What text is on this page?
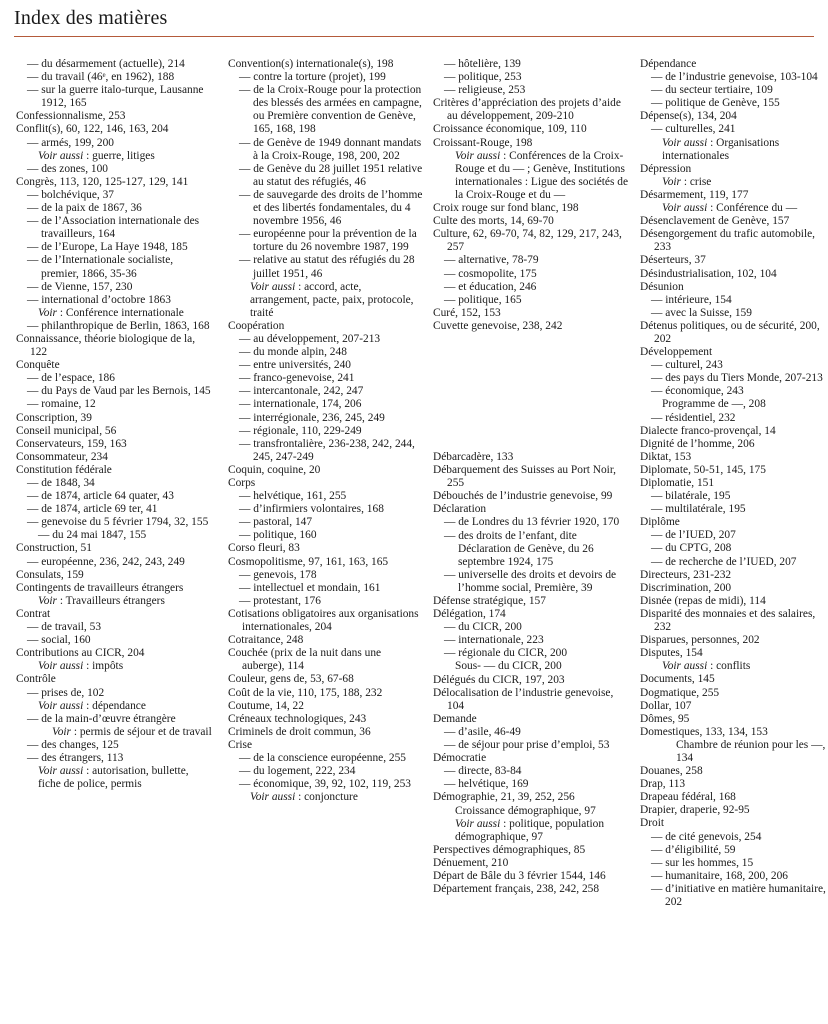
Index des matières
— du désarmement (actuelle), 214
— du travail (46ᵉ, en 1962), 188
— sur la guerre italo-turque, Lausanne 1912, 165
Confessionnalisme, 253
Conflit(s), 60, 122, 146, 163, 204
— armés, 199, 200
Voir aussi : guerre, litiges
— des zones, 100
Congrès, 113, 120, 125-127, 129, 141
— bolchévique, 37
— de la paix de 1867, 36
— de l’Association internationale des travailleurs, 164
— de l’Europe, La Haye 1948, 185
— de l’Internationale socialiste, premier, 1866, 35-36
— de Vienne, 157, 230
— international d’octobre 1863
Voir : Conférence internationale
— philanthropique de Berlin, 1863, 168
Connaissance, théorie biologique de la, 122
Conquête
— de l’espace, 186
— du Pays de Vaud par les Bernois, 145
— romaine, 12
Conscription, 39
Conseil municipal, 56
Conservateurs, 159, 163
Consommateur, 234
Constitution fédérale
— de 1848, 34
— de 1874, article 64 quater, 43
— de 1874, article 69 ter, 41
— genevoise du 5 février 1794, 32, 155
— du 24 mai 1847, 155
Construction, 51
— européenne, 236, 242, 243, 249
Consulats, 159
Contingents de travailleurs étrangers
Voir : Travailleurs étrangers
Contrat
— de travail, 53
— social, 160
Contributions au CICR, 204
Voir aussi : impôts
Contrôle
— prises de, 102
Voir aussi : dépendance
— de la main-d’œuvre étrangère
Voir : permis de séjour et de travail
— des changes, 125
— des étrangers, 113
Voir aussi : autorisation, bullette, fiche de police, permis
Convention(s) internationale(s), 198
— contre la torture (projet), 199
— de la Croix-Rouge pour la protection des blessés des armées en campagne, ou Première convention de Genève, 165, 168, 198
— de Genève de 1949 donnant mandats à la Croix-Rouge, 198, 200, 202
— de Genève du 28 juillet 1951 relative au statut des réfugiés, 46
— de sauvegarde des droits de l’homme et des libertés fondamentales, du 4 novembre 1956, 46
— européenne pour la prévention de la torture du 26 novembre 1987, 199
— relative au statut des réfugiés du 28 juillet 1951, 46
Voir aussi : accord, acte, arrangement, pacte, paix, protocole, traité
Coopération
— au développement, 207-213
— du monde alpin, 248
— entre universités, 240
— franco-genevoise, 241
— intercantonale, 242, 247
— internationale, 174, 206
— interrégionale, 236, 245, 249
— régionale, 110, 229-249
— transfrontalière, 236-238, 242, 244, 245, 247-249
Coquin, coquine, 20
Corps
— helvétique, 161, 255
— d’infirmiers volontaires, 168
— pastoral, 147
— politique, 160
Corso fleuri, 83
Cosmopolitisme, 97, 161, 163, 165
— genevois, 178
— intellectuel et mondain, 161
— protestant, 176
Cotisations obligatoires aux organisations internationales, 204
Cotraitance, 248
Couchée (prix de la nuit dans une auberge), 114
Couleur, gens de, 53, 67-68
Coût de la vie, 110, 175, 188, 232
Coutume, 14, 22
Créneaux technologiques, 243
Criminels de droit commun, 36
Crise
— de la conscience européenne, 255
— du logement, 222, 234
— économique, 39, 92, 102, 119, 253
Voir aussi : conjoncture
— hôtelière, 139
— politique, 253
— religieuse, 253
Critères d’appréciation des projets d’aide au développement, 209-210
Croissance économique, 109, 110
Croissant-Rouge, 198
Voir aussi : Conférences de la Croix-Rouge et du — ; Genève, Institutions internationales : Ligue des sociétés de la Croix-Rouge et du —
Croix rouge sur fond blanc, 198
Culte des morts, 14, 69-70
Culture, 62, 69-70, 74, 82, 129, 217, 243, 257
— alternative, 78-79
— cosmopolite, 175
— et éducation, 246
— politique, 165
Curé, 152, 153
Cuvette genevoise, 238, 242
Débarcadère, 133
Débarquement des Suisses au Port Noir, 255
Débouchés de l’industrie genevoise, 99
Déclaration
— de Londres du 13 février 1920, 170
— des droits de l’enfant, dite Déclaration de Genève, du 26 septembre 1924, 175
— universelle des droits et devoirs de l’homme social, Première, 39
Défense stratégique, 157
Délégation, 174
— du CICR, 200
— internationale, 223
— régionale du CICR, 200
Sous- — du CICR, 200
Délégués du CICR, 197, 203
Délocalisation de l’industrie genevoise, 104
Demande
— d’asile, 46-49
— de séjour pour prise d’emploi, 53
Démocratie
— directe, 83-84
— helvétique, 169
Démographie, 21, 39, 252, 256
Croissance démographique, 97
Voir aussi : politique, population démographique, 97
Perspectives démographiques, 85
Dénuement, 210
Départ de Bâle du 3 février 1544, 146
Département français, 238, 242, 258
Dépendance
— de l’industrie genevoise, 103-104
— du secteur tertiaire, 109
— politique de Genève, 155
Dépense(s), 134, 204
— culturelles, 241
Voir aussi : Organisations internationales
Dépression
Voir : crise
Désarmement, 119, 177
Voir aussi : Conférence du —
Désenclavement de Genève, 157
Désengorgement du trafic automobile, 233
Déserteurs, 37
Désindustrialisation, 102, 104
Désunion
— intérieure, 154
— avec la Suisse, 159
Détenus politiques, ou de sécurité, 200, 202
Développement
— culturel, 243
— des pays du Tiers Monde, 207-213
— économique, 243
Programme de —, 208
— résidentiel, 232
Dialecte franco-provençal, 14
Dignité de l’homme, 206
Diktat, 153
Diplomate, 50-51, 145, 175
Diplomatie, 151
— bilatérale, 195
— multilatérale, 195
Diplôme
— de l’IUED, 207
— du CPTG, 208
— de recherche de l’IUED, 207
Directeurs, 231-232
Discrimination, 200
Disnée (repas de midi), 114
Disparité des monnaies et des salaires, 232
Disparues, personnes, 202
Disputes, 154
Voir aussi : conflits
Documents, 145
Dogmatique, 255
Dollar, 107
Dômes, 95
Domestiques, 133, 134, 153
Chambre de réunion pour les —, 134
Douanes, 258
Drap, 113
Drapeau fédéral, 168
Drapier, draperie, 92-95
Droit
— de cité genevois, 254
— d’éligibilité, 59
— sur les hommes, 15
— humanitaire, 168, 200, 206
— d’initiative en matière humanitaire, 202
